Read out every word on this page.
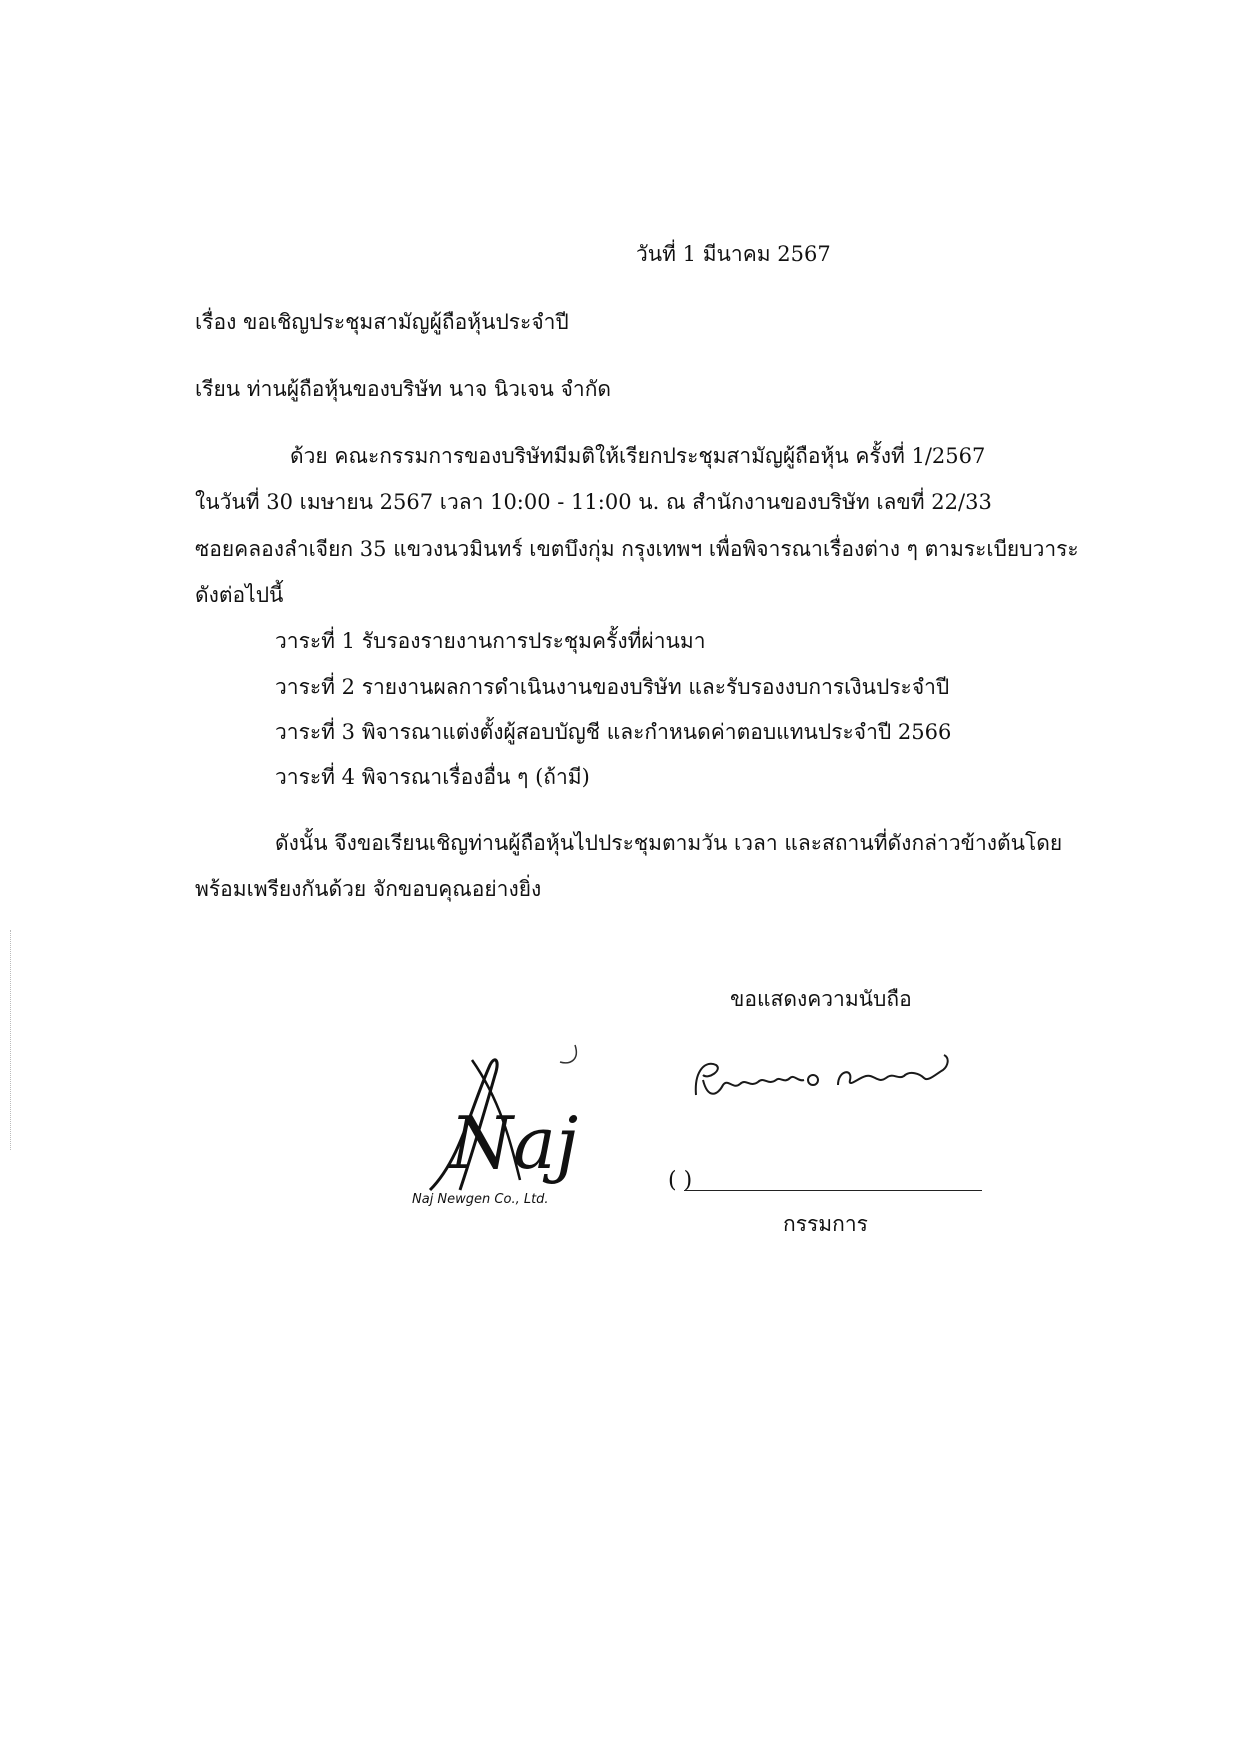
วันที่ 1 มีนาคม 2567
เรื่อง ขอเชิญประชุมสามัญผู้ถือหุ้นประจำปี
เรียน ท่านผู้ถือหุ้นของบริษัท นาจ นิวเจน จำกัด
ด้วย คณะกรรมการของบริษัทมีมติให้เรียกประชุมสามัญผู้ถือหุ้น ครั้งที่ 1/2567
ในวันที่ 30 เมษายน 2567 เวลา 10:00 - 11:00 น. ณ สำนักงานของบริษัท เลขที่ 22/33
ซอยคลองลำเจียก 35 แขวงนวมินทร์ เขตบึงกุ่ม กรุงเทพฯ เพื่อพิจารณาเรื่องต่าง ๆ ตามระเบียบวาระ
ดังต่อไปนี้
วาระที่ 1 รับรองรายงานการประชุมครั้งที่ผ่านมา
วาระที่ 2 รายงานผลการดำเนินงานของบริษัท และรับรองงบการเงินประจำปี
วาระที่ 3 พิจารณาแต่งตั้งผู้สอบบัญชี และกำหนดค่าตอบแทนประจำปี 2566
วาระที่ 4 พิจารณาเรื่องอื่น ๆ (ถ้ามี)
ดังนั้น จึงขอเรียนเชิญท่านผู้ถือหุ้นไปประชุมตามวัน เวลา และสถานที่ดังกล่าวข้างต้นโดย
พร้อมเพรียงกันด้วย จักขอบคุณอย่างยิ่ง
ขอแสดงความนับถือ
Naj
Naj Newgen Co., Ltd.
( )
กรรมการ
